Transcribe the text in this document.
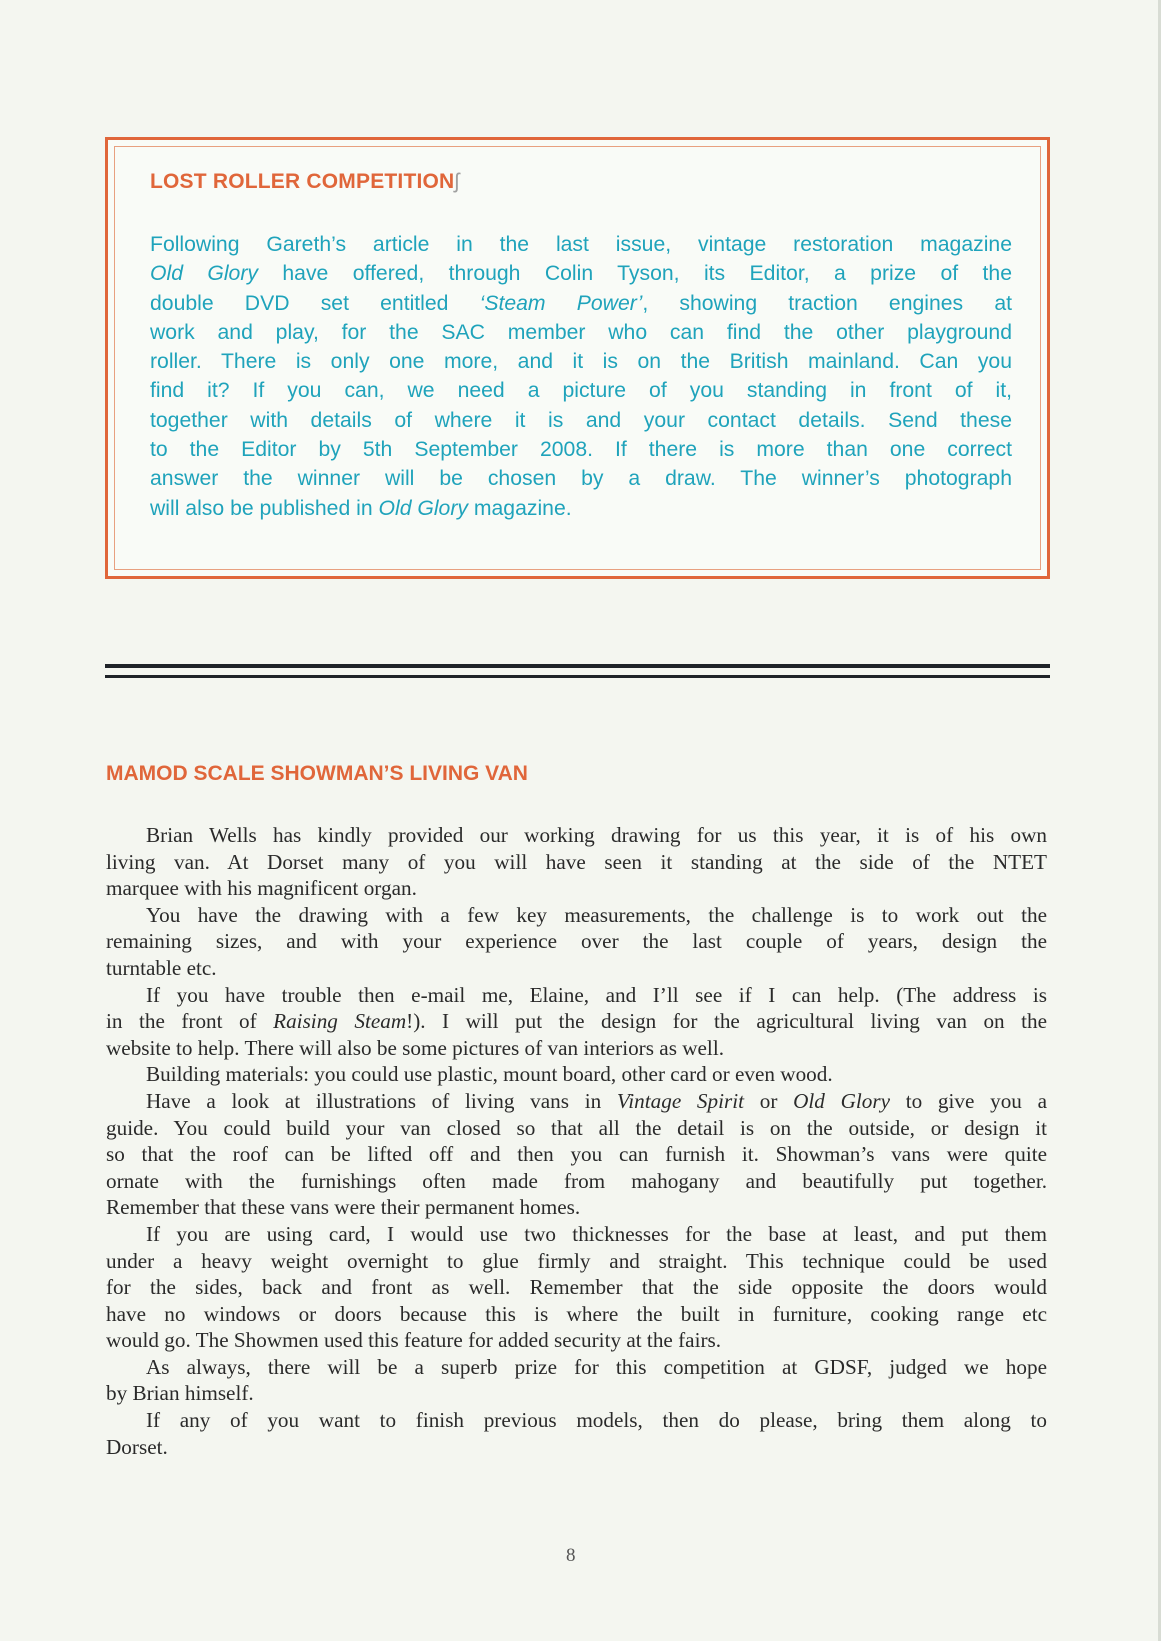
LOST ROLLER COMPETITIONʃ
Following Gareth’s article in the last issue, vintage restoration magazine
Old Glory have offered, through Colin Tyson, its Editor, a prize of the
double DVD set entitled ‘Steam Power’, showing traction engines at
work and play, for the SAC member who can find the other playground
roller. There is only one more, and it is on the British mainland. Can you
find it? If you can, we need a picture of you standing in front of it,
together with details of where it is and your contact details. Send these
to the Editor by 5th September 2008. If there is more than one correct
answer the winner will be chosen by a draw. The winner’s photograph
will also be published in Old Glory magazine.
MAMOD SCALE SHOWMAN’S LIVING VAN
Brian Wells has kindly provided our working drawing for us this year, it is of his own
living van. At Dorset many of you will have seen it standing at the side of the NTET
marquee with his magnificent organ.
You have the drawing with a few key measurements, the challenge is to work out the
remaining sizes, and with your experience over the last couple of years, design the
turntable etc.
If you have trouble then e-mail me, Elaine, and I’ll see if I can help. (The address is
in the front of Raising Steam!). I will put the design for the agricultural living van on the
website to help. There will also be some pictures of van interiors as well.
Building materials: you could use plastic, mount board, other card or even wood.
Have a look at illustrations of living vans in Vintage Spirit or Old Glory to give you a
guide. You could build your van closed so that all the detail is on the outside, or design it
so that the roof can be lifted off and then you can furnish it. Showman’s vans were quite
ornate with the furnishings often made from mahogany and beautifully put together.
Remember that these vans were their permanent homes.
If you are using card, I would use two thicknesses for the base at least, and put them
under a heavy weight overnight to glue firmly and straight. This technique could be used
for the sides, back and front as well. Remember that the side opposite the doors would
have no windows or doors because this is where the built in furniture, cooking range etc
would go. The Showmen used this feature for added security at the fairs.
As always, there will be a superb prize for this competition at GDSF, judged we hope
by Brian himself.
If any of you want to finish previous models, then do please, bring them along to
Dorset.
8
